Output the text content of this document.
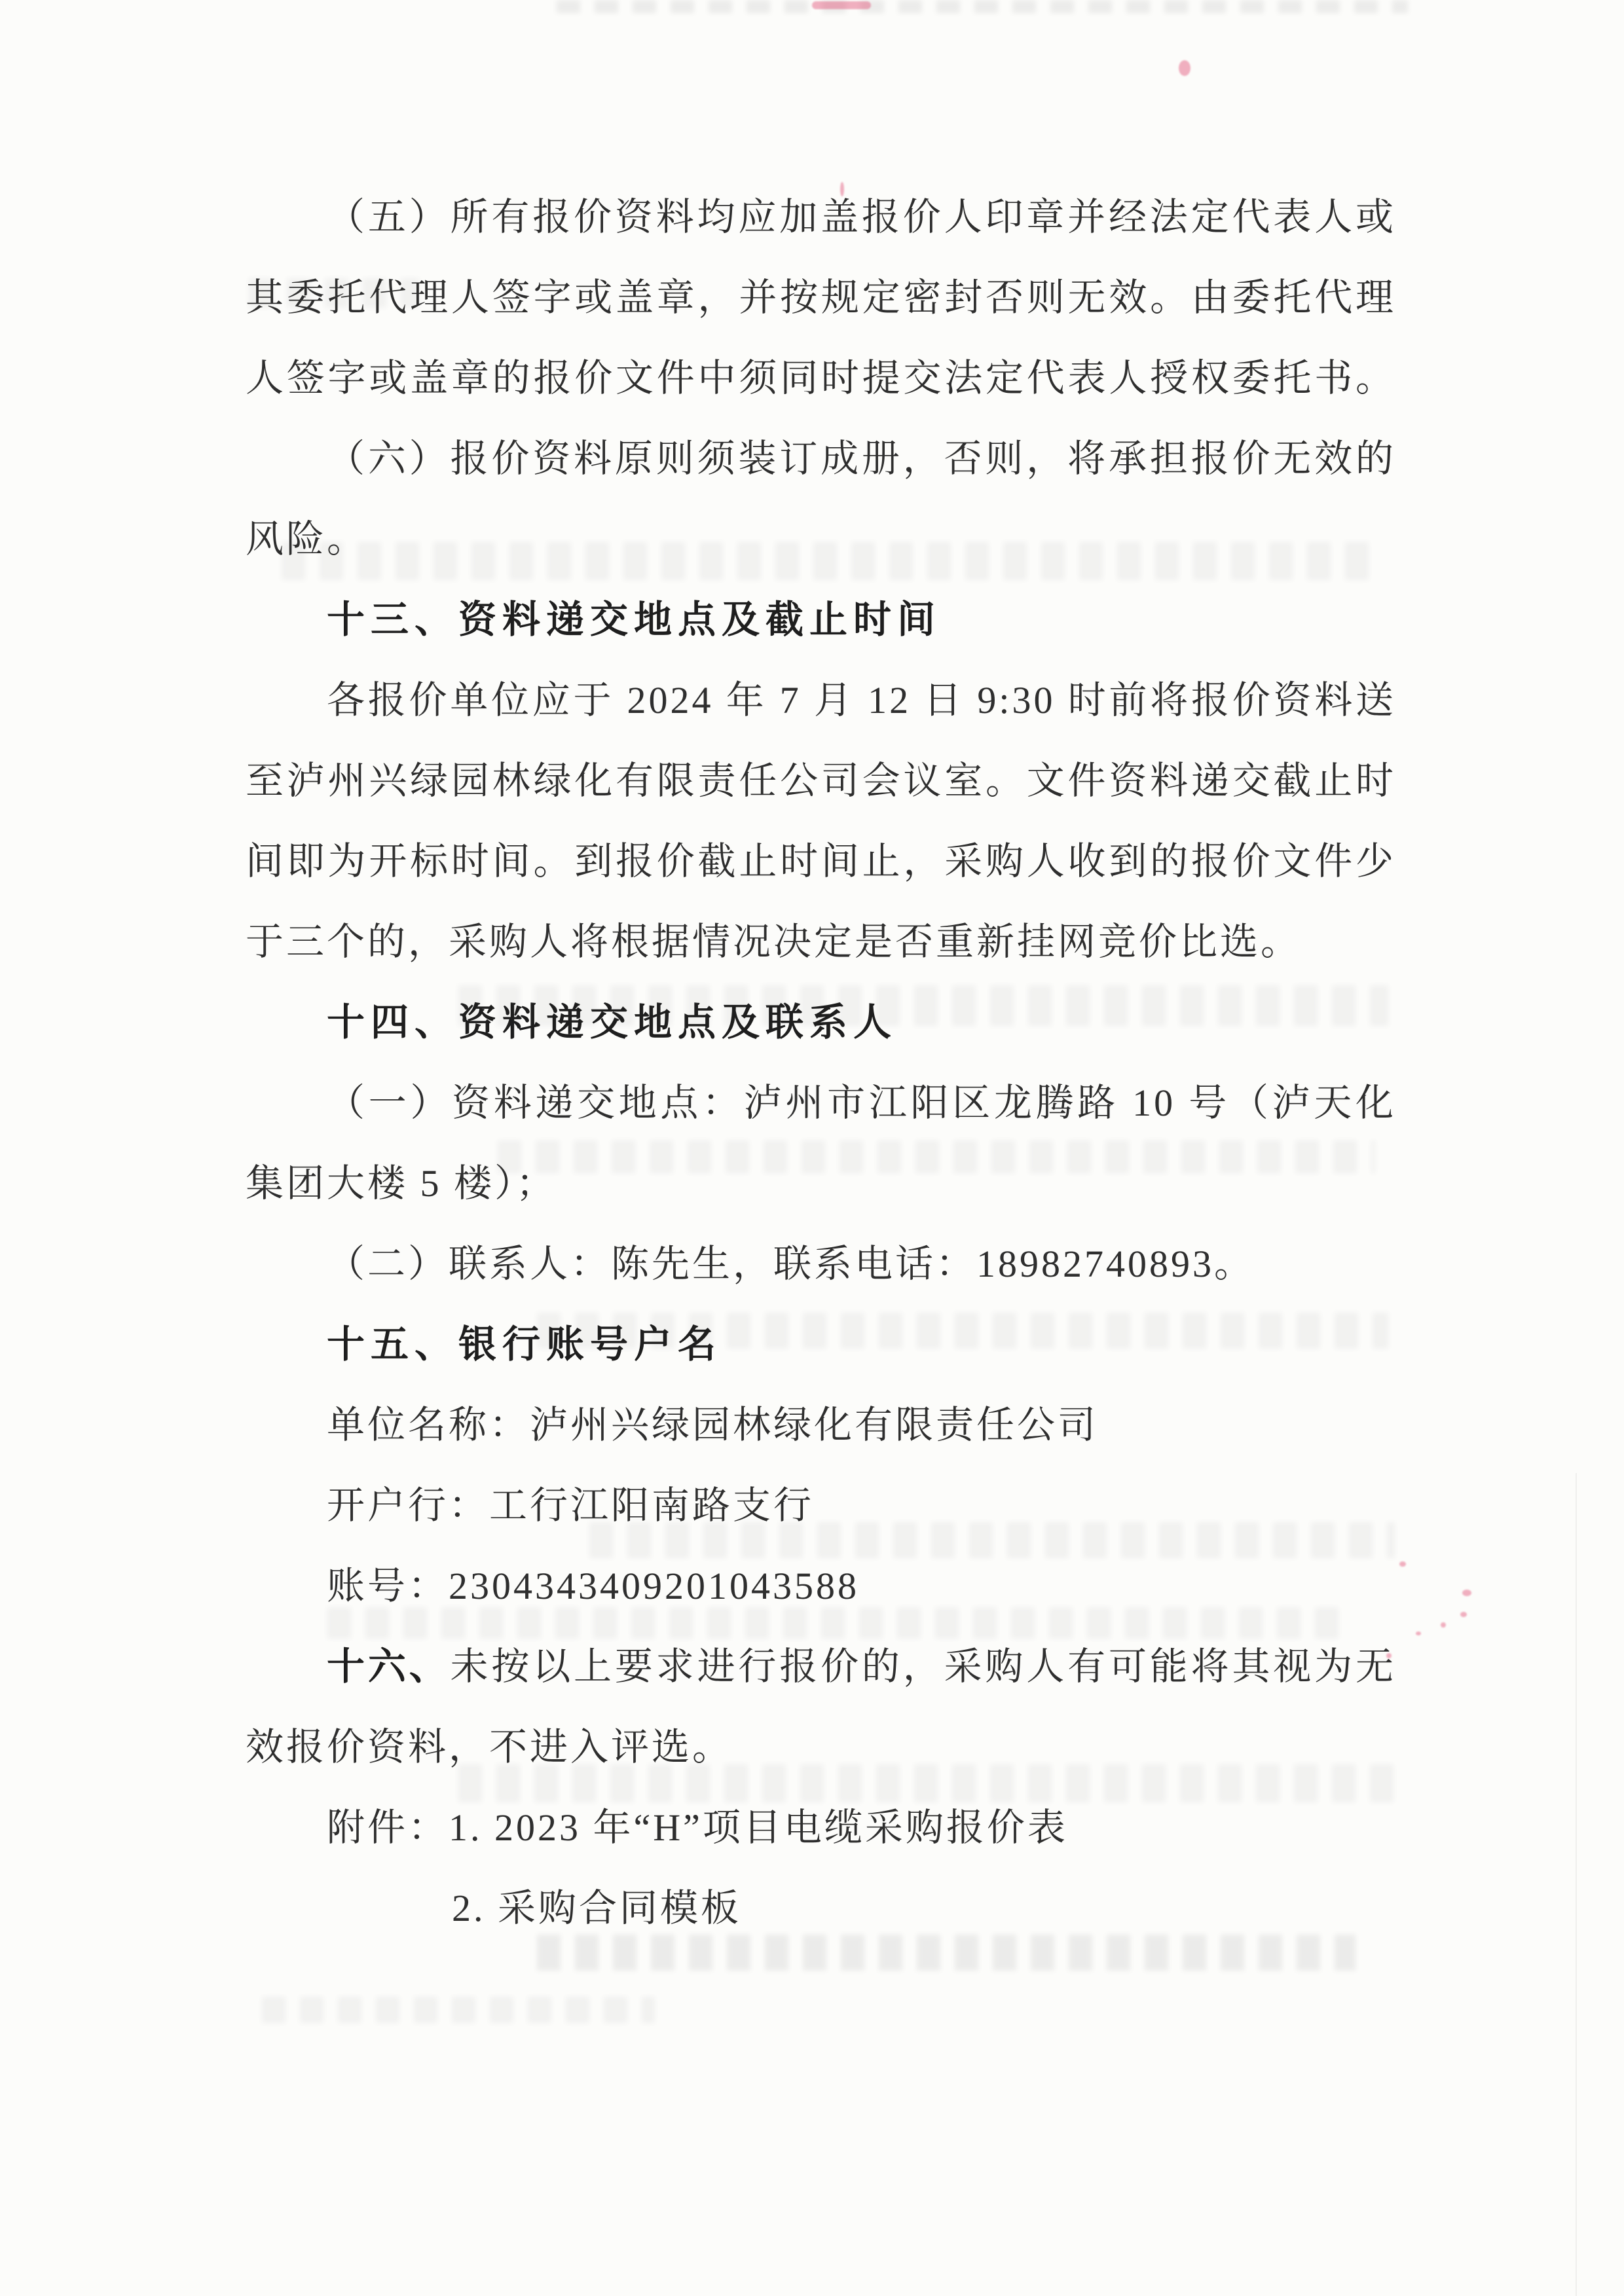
（五）所有报价资料均应加盖报价人印章并经法定代表人或
其委托代理人签字或盖章，并按规定密封否则无效。由委托代理
人签字或盖章的报价文件中须同时提交法定代表人授权委托书。
（六）报价资料原则须装订成册，否则，将承担报价无效的
风险。
十三、资料递交地点及截止时间
各报价单位应于 2024 年 7 月 12 日 9:30 时前将报价资料送
至泸州兴绿园林绿化有限责任公司会议室。文件资料递交截止时
间即为开标时间。到报价截止时间止，采购人收到的报价文件少
于三个的，采购人将根据情况决定是否重新挂网竞价比选。
十四、资料递交地点及联系人
（一）资料递交地点：泸州市江阳区龙腾路 10 号（泸天化
集团大楼 5 楼）；
（二）联系人：陈先生，联系电话：18982740893。
十五、银行账号户名
单位名称：泸州兴绿园林绿化有限责任公司
开户行：工行江阳南路支行
账号：2304343409201043588
十六、未按以上要求进行报价的，采购人有可能将其视为无
效报价资料，不进入评选。
附件：1. 2023 年“H”项目电缆采购报价表
2. 采购合同模板
